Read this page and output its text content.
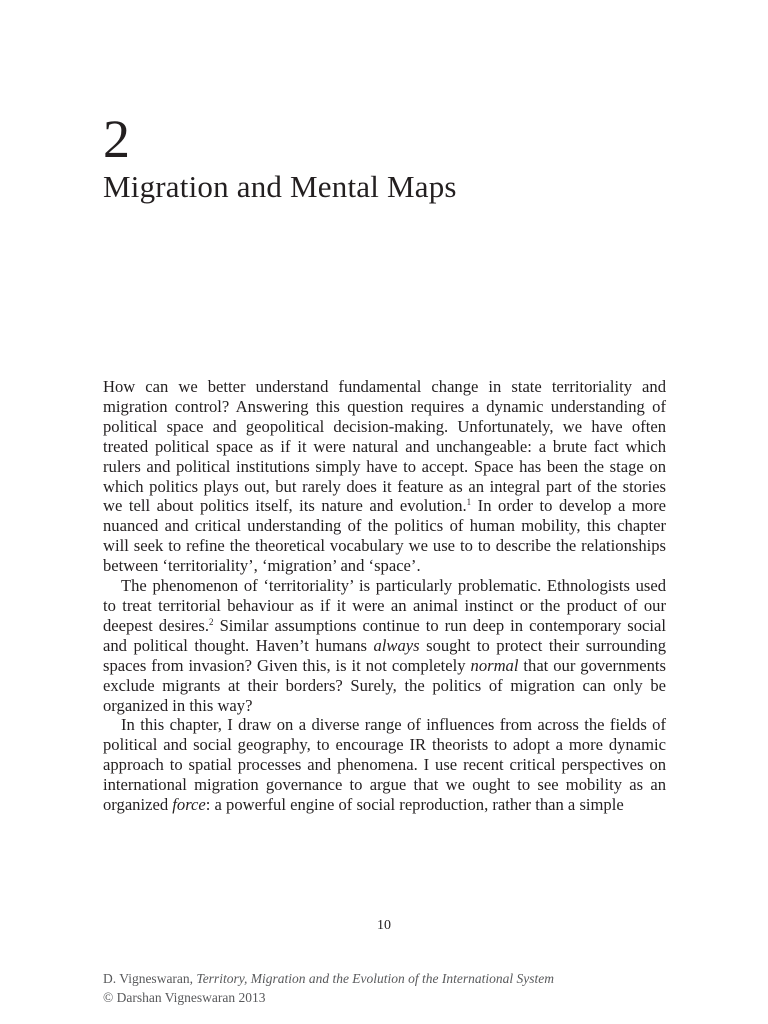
2
Migration and Mental Maps

How can we better understand fundamental change in state territoriality and migration control? Answering this question requires a dynamic understanding of political space and geopolitical decision-making. Unfortunately, we have often treated political space as if it were natural and unchangeable: a brute fact which rulers and political institutions simply have to accept. Space has been the stage on which politics plays out, but rarely does it feature as an integral part of the stories we tell about politics itself, its nature and evolution.$^1$ In order to develop a more nuanced and critical understanding of the politics of human mobility, this chapter will seek to refine the theoretical vocabulary we use to to describe the relationships between ‘territoriality’, ‘migration’ and ‘space’.

The phenomenon of ‘territoriality’ is particularly problematic. Ethnologists used to treat territorial behaviour as if it were an animal instinct or the product of our deepest desires.$^2$ Similar assumptions continue to run deep in contemporary social and political thought. Haven’t humans always sought to protect their surrounding spaces from invasion? Given this, is it not completely normal that our governments exclude migrants at their borders? Surely, the politics of migration can only be organized in this way?

In this chapter, I draw on a diverse range of influences from across the fields of political and social geography, to encourage IR theorists to adopt a more dynamic approach to spatial processes and phenomena. I use recent critical perspectives on international migration governance to argue that we ought to see mobility as an organized force: a powerful engine of social reproduction, rather than a simple

10
D. Vigneswaran, Territory, Migration and the Evolution of the International System
© Darshan Vigneswaran 2013
